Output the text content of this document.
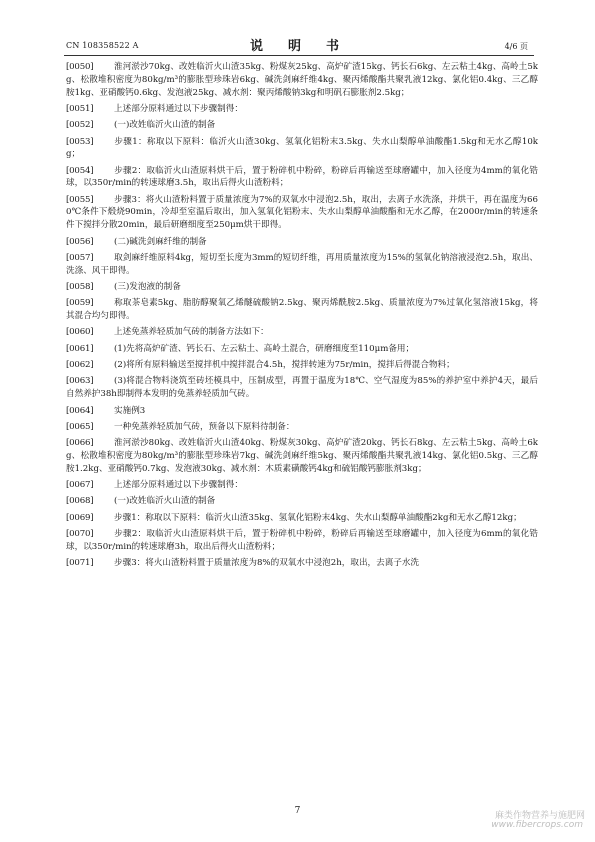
CN 108358522 A	说　明　书	4/6 页
[0050] 淮河淤沙70kg、改姓临沂火山渣35kg、粉煤灰25kg、高炉矿渣15kg、钙长石6kg、左云粘土4kg、高岭土5kg、松散堆积密度为80kg/m³的膨胀型珍珠岩6kg、碱洗剑麻纤维4kg、聚丙烯酸酯共聚乳液12kg、氯化铝0.4kg、三乙醇胺1kg、亚硝酸钙0.6kg、发泡液25kg、减水剂：聚丙烯酸钠3kg和明矾石膨胀剂2.5kg；
[0051] 上述部分原料通过以下步骤制得：
[0052] (一)改姓临沂火山渣的制备
[0053] 步骤1：称取以下原料：临沂火山渣30kg、氢氧化铝粉末3.5kg、失水山梨醇单油酸酯1.5kg和无水乙醇10kg；
[0054] 步骤2：取临沂火山渣原料烘干后，置于粉碎机中粉碎，粉碎后再输送至球磨罐中，加入径度为4mm的氧化锆球，以350r/min的转速球磨3.5h，取出后得火山渣粉料；
[0055] 步骤3：将火山渣粉料置于质量浓度为7%的双氧水中浸泡2.5h，取出，去离子水洗涤，并烘干，再在温度为660℃条件下煅烧90min，冷却至室温后取出，加入氢氧化铝粉末、失水山梨醇单油酸酯和无水乙醇，在2000r/min的转速条件下搅拌分散20min，最后研磨细度至250μm烘干即得。
[0056] (二)碱洗剑麻纤维的制备
[0057] 取剑麻纤维原料4kg，短切至长度为3mm的短切纤维，再用质量浓度为15%的氢氧化钠溶液浸泡2.5h，取出、洗涤、风干即得。
[0058] (三)发泡液的制备
[0059] 称取茶皂素5kg、脂肪醇聚氧乙烯醚硫酸钠2.5kg、聚丙烯酰胺2.5kg、质量浓度为7%过氧化氢溶液15kg，将其混合均匀即得。
[0060] 上述免蒸养轻质加气砖的制备方法如下：
[0061] (1)先将高炉矿渣、钙长石、左云粘土、高岭土混合，研磨细度至110μm备用；
[0062] (2)将所有原料输送至搅拌机中搅拌混合4.5h，搅拌转速为75r/min，搅拌后得混合物料；
[0063] (3)将混合物料浇筑至砖坯模具中，压制成型，再置于温度为18℃、空气湿度为85%的养护室中养护4天，最后自然养护38h即制得本发明的免蒸养轻质加气砖。
[0064] 实施例3
[0065] 一种免蒸养轻质加气砖，预备以下原料待制备：
[0066] 淮河淤沙80kg、改姓临沂火山渣40kg、粉煤灰30kg、高炉矿渣20kg、钙长石8kg、左云粘土5kg、高岭土6kg、松散堆积密度为80kg/m³的膨胀型珍珠岩7kg、碱洗剑麻纤维5kg、聚丙烯酸酯共聚乳液14kg、氯化铝0.5kg、三乙醇胺1.2kg、亚硝酸钙0.7kg、发泡液30kg、减水剂：木质素磺酸钙4kg和硫铝酸钙膨胀剂3kg；
[0067] 上述部分原料通过以下步骤制得：
[0068] (一)改姓临沂火山渣的制备
[0069] 步骤1：称取以下原料：临沂火山渣35kg、氢氧化铝粉末4kg、失水山梨醇单油酸酯2kg和无水乙醇12kg；
[0070] 步骤2：取临沂火山渣原料烘干后，置于粉碎机中粉碎，粉碎后再输送至球磨罐中，加入径度为6mm的氧化锆球，以350r/min的转速球磨3h，取出后得火山渣粉料；
[0071] 步骤3：将火山渣粉料置于质量浓度为8%的双氧水中浸泡2h，取出，去离子水洗
7	麻类作物营养与施肥网
www.fibercrops.com
